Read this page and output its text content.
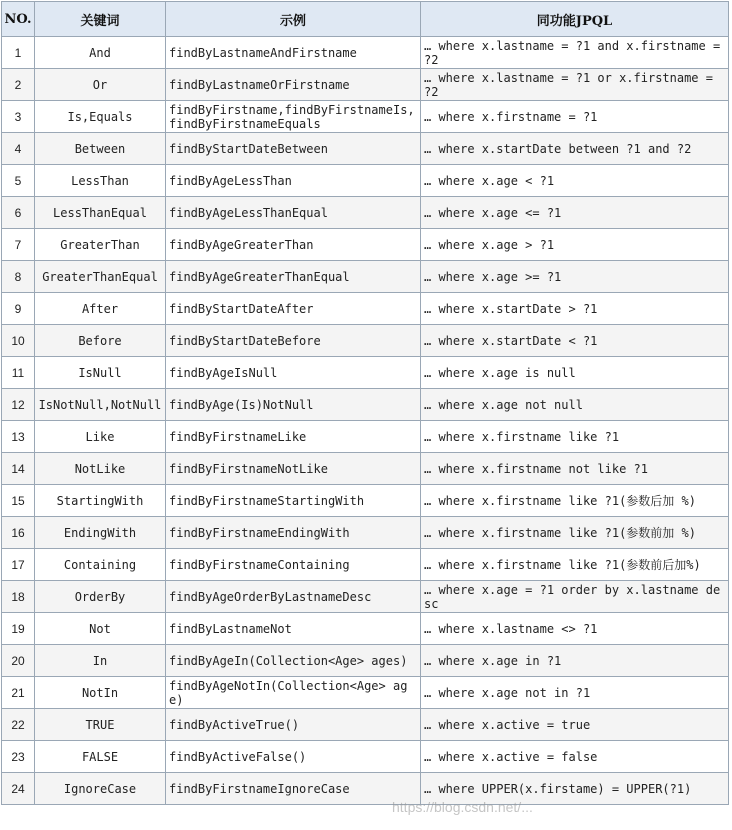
NO.	关键词	示例	同功能JPQL
1	And	findByLastnameAndFirstname	… where x.lastname = ?1 and x.firstname = ?2
2	Or	findByLastnameOrFirstname	… where x.lastname = ?1 or x.firstname = ?2
3	Is,Equals	findByFirstname,findByFirstnameIs,findByFirstnameEquals	… where x.firstname = ?1
4	Between	findByStartDateBetween	… where x.startDate between ?1 and ?2
5	LessThan	findByAgeLessThan	… where x.age < ?1
6	LessThanEqual	findByAgeLessThanEqual	… where x.age <= ?1
7	GreaterThan	findByAgeGreaterThan	… where x.age > ?1
8	GreaterThanEqual	findByAgeGreaterThanEqual	… where x.age >= ?1
9	After	findByStartDateAfter	… where x.startDate > ?1
10	Before	findByStartDateBefore	… where x.startDate < ?1
11	IsNull	findByAgeIsNull	… where x.age is null
12	IsNotNull,NotNull	findByAge(Is)NotNull	… where x.age not null
13	Like	findByFirstnameLike	… where x.firstname like ?1
14	NotLike	findByFirstnameNotLike	… where x.firstname not like ?1
15	StartingWith	findByFirstnameStartingWith	… where x.firstname like ?1(参数后加 %)
16	EndingWith	findByFirstnameEndingWith	… where x.firstname like ?1(参数前加 %)
17	Containing	findByFirstnameContaining	… where x.firstname like ?1(参数前后加%)
18	OrderBy	findByAgeOrderByLastnameDesc	… where x.age = ?1 order by x.lastname desc
19	Not	findByLastnameNot	… where x.lastname <> ?1
20	In	findByAgeIn(Collection<Age> ages)	… where x.age in ?1
21	NotIn	findByAgeNotIn(Collection<Age> age)	… where x.age not in ?1
22	TRUE	findByActiveTrue()	… where x.active = true
23	FALSE	findByActiveFalse()	… where x.active = false
24	IgnoreCase	findByFirstnameIgnoreCase	… where UPPER(x.firstame) = UPPER(?1)
https://blog.csdn.net/...
